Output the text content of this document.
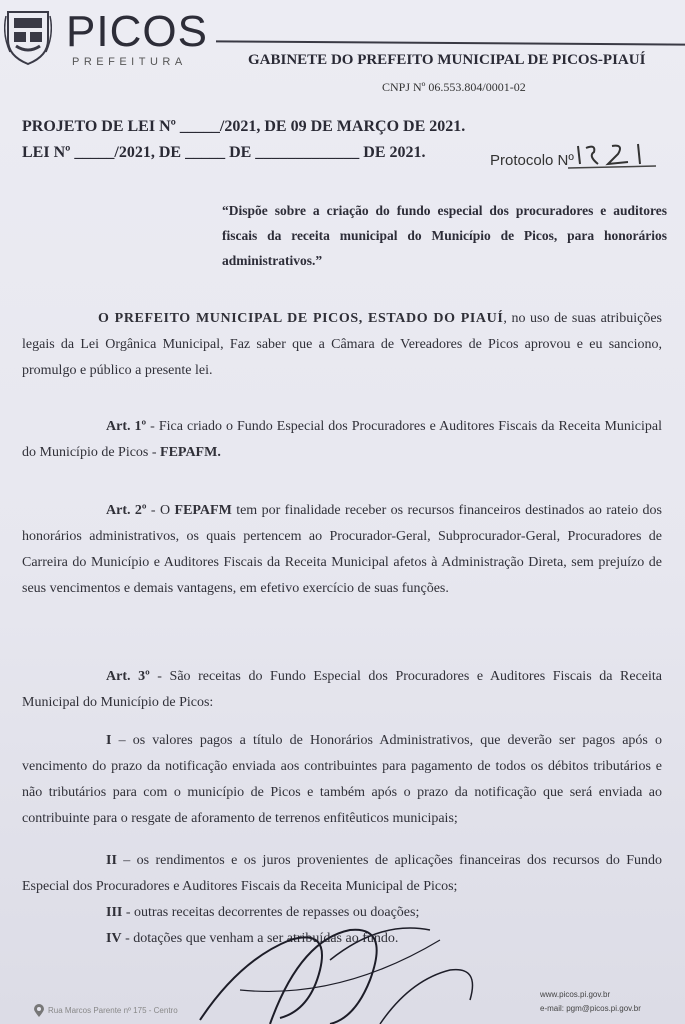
PICOS
PREFEITURA	GABINETE DO PREFEITO MUNICIPAL DE PICOS-PIAUÍ
CNPJ Nº 06.553.804/0001-02
PROJETO DE LEI Nº _____/2021, DE 09 DE MARÇO DE 2021.
LEI Nº _____/2021, DE _____ DE _____________ DE 2021.	Protocolo Nº
“Dispõe sobre a criação do fundo especial dos procuradores e auditores fiscais da receita municipal do Município de Picos, para honorários administrativos.”
O PREFEITO MUNICIPAL DE PICOS, ESTADO DO PIAUÍ, no uso de suas atribuições legais da Lei Orgânica Municipal, Faz saber que a Câmara de Vereadores de Picos aprovou e eu sanciono, promulgo e público a presente lei.
Art. 1º - Fica criado o Fundo Especial dos Procuradores e Auditores Fiscais da Receita Municipal do Município de Picos - FEPAFM.
Art. 2º - O FEPAFM tem por finalidade receber os recursos financeiros destinados ao rateio dos honorários administrativos, os quais pertencem ao Procurador-Geral, Subprocurador-Geral, Procuradores de Carreira do Município e Auditores Fiscais da Receita Municipal afetos à Administração Direta, sem prejuízo de seus vencimentos e demais vantagens, em efetivo exercício de suas funções.
Art. 3º - São receitas do Fundo Especial dos Procuradores e Auditores Fiscais da Receita Municipal do Município de Picos:
I – os valores pagos a título de Honorários Administrativos, que deverão ser pagos após o vencimento do prazo da notificação enviada aos contribuintes para pagamento de todos os débitos tributários e não tributários para com o município de Picos e também após o prazo da notificação que será enviada ao contribuinte para o resgate de aforamento de terrenos enfitêuticos municipais;
II – os rendimentos e os juros provenientes de aplicações financeiras dos recursos do Fundo Especial dos Procuradores e Auditores Fiscais da Receita Municipal de Picos;
III - outras receitas decorrentes de repasses ou doações;
IV - dotações que venham a ser atribuídas ao fundo.
Rua Marcos Parente nº 175 - Centro
www.picos.pi.gov.br
e-mail: pgm@picos.pi.gov.br
